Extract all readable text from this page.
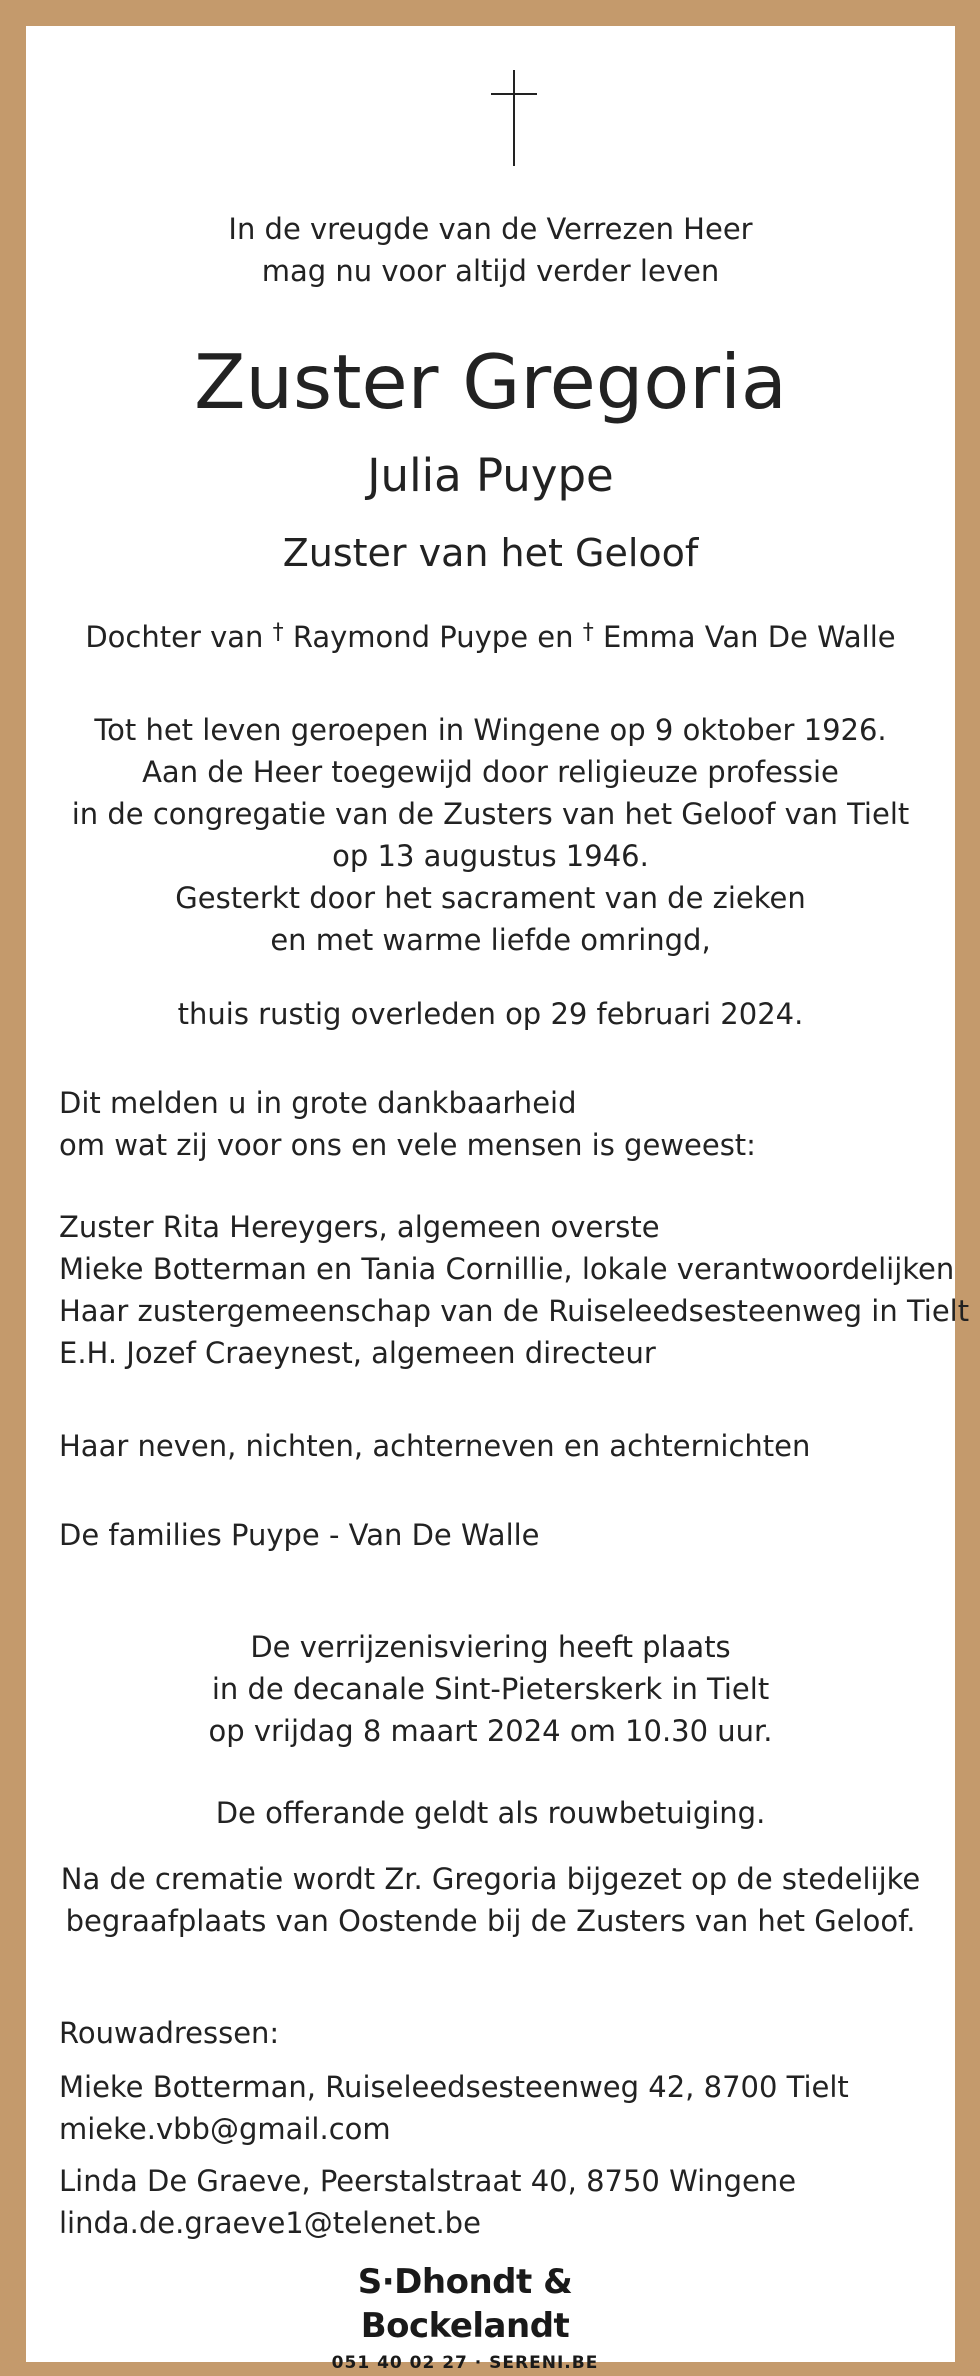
In de vreugde van de Verrezen Heer
mag nu voor altijd verder leven
Zuster Gregoria
Julia Puype
Zuster van het Geloof
Dochter van † Raymond Puype en † Emma Van De Walle
Tot het leven geroepen in Wingene op 9 oktober 1926.
Aan de Heer toegewijd door religieuze professie
in de congregatie van de Zusters van het Geloof van Tielt
op 13 augustus 1946.
Gesterkt door het sacrament van de zieken
en met warme liefde omringd,
thuis rustig overleden op 29 februari 2024.
Dit melden u in grote dankbaarheid
om wat zij voor ons en vele mensen is geweest:
Zuster Rita Hereygers, algemeen overste
Mieke Botterman en Tania Cornillie, lokale verantwoordelijken
Haar zustergemeenschap van de Ruiseleedsesteenweg in Tielt
E.H. Jozef Craeynest, algemeen directeur
Haar neven, nichten, achterneven en achternichten
De families Puype - Van De Walle
De verrijzenisviering heeft plaats
in de decanale Sint-Pieterskerk in Tielt
op vrijdag 8 maart 2024 om 10.30 uur.
De offerande geldt als rouwbetuiging.
Na de crematie wordt Zr. Gregoria bijgezet op de stedelijke
begraafplaats van Oostende bij de Zusters van het Geloof.
Rouwadressen:
Mieke Botterman, Ruiseleedsesteenweg 42, 8700 Tielt
mieke.vbb@gmail.com
Linda De Graeve, Peerstalstraat 40, 8750 Wingene
linda.de.graeve1@telenet.be
S·Dhondt & Bockelandt
051 40 02 27 · SERENI.BE
